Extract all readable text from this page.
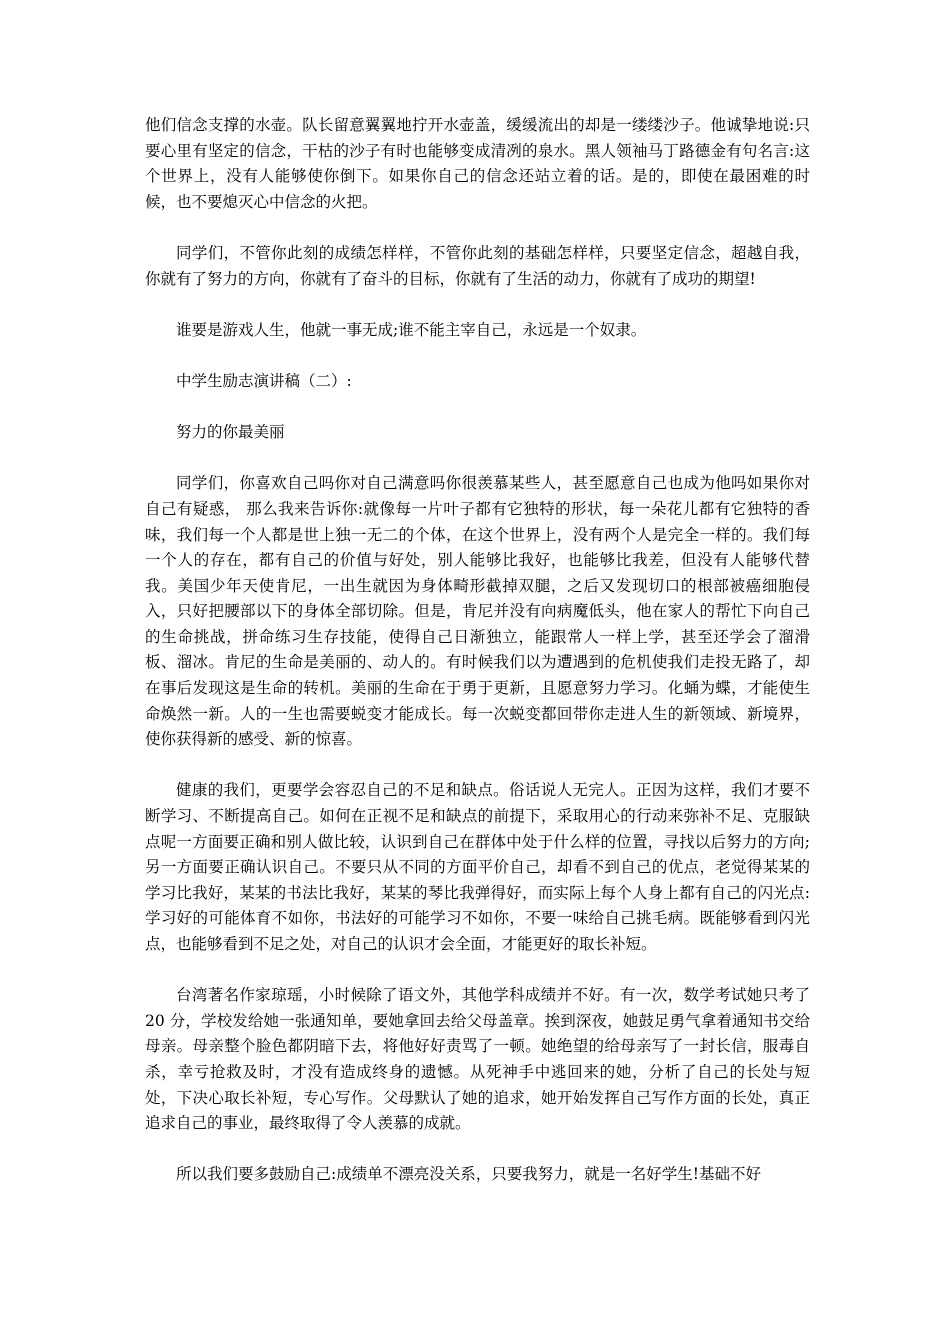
他们信念支撑的水壶。队长留意翼翼地拧开水壶盖，缓缓流出的却是一缕缕沙子。他诚挚地说:只要心里有坚定的信念，干枯的沙子有时也能够变成清冽的泉水。黑人领袖马丁路德金有句名言:这个世界上，没有人能够使你倒下。如果你自己的信念还站立着的话。是的，即使在最困难的时候，也不要熄灭心中信念的火把。

同学们，不管你此刻的成绩怎样样，不管你此刻的基础怎样样，只要坚定信念，超越自我，你就有了努力的方向，你就有了奋斗的目标，你就有了生活的动力，你就有了成功的期望!

谁要是游戏人生，他就一事无成;谁不能主宰自己，永远是一个奴隶。

中学生励志演讲稿（二）:

努力的你最美丽

同学们，你喜欢自己吗你对自己满意吗你很羡慕某些人，甚至愿意自己也成为他吗如果你对自己有疑惑， 那么我来告诉你:就像每一片叶子都有它独特的形状，每一朵花儿都有它独特的香味，我们每一个人都是世上独一无二的个体，在这个世界上，没有两个人是完全一样的。我们每一个人的存在，都有自己的价值与好处，别人能够比我好，也能够比我差，但没有人能够代替我。美国少年天使肯尼，一出生就因为身体畸形截掉双腿，之后又发现切口的根部被癌细胞侵入，只好把腰部以下的身体全部切除。但是，肯尼并没有向病魔低头，他在家人的帮忙下向自己的生命挑战，拼命练习生存技能，使得自己日渐独立，能跟常人一样上学，甚至还学会了溜滑板、溜冰。肯尼的生命是美丽的、动人的。有时候我们以为遭遇到的危机使我们走投无路了，却在事后发现这是生命的转机。美丽的生命在于勇于更新，且愿意努力学习。化蛹为蝶，才能使生命焕然一新。人的一生也需要蜕变才能成长。每一次蜕变都回带你走进人生的新领域、新境界，使你获得新的感受、新的惊喜。

健康的我们，更要学会容忍自己的不足和缺点。俗话说人无完人。正因为这样，我们才要不断学习、不断提高自己。如何在正视不足和缺点的前提下，采取用心的行动来弥补不足、克服缺点呢一方面要正确和别人做比较，认识到自己在群体中处于什么样的位置，寻找以后努力的方向;另一方面要正确认识自己。不要只从不同的方面平价自己，却看不到自己的优点，老觉得某某的学习比我好，某某的书法比我好，某某的琴比我弹得好，而实际上每个人身上都有自己的闪光点:学习好的可能体育不如你，书法好的可能学习不如你，不要一味给自己挑毛病。既能够看到闪光点，也能够看到不足之处，对自己的认识才会全面，才能更好的取长补短。

台湾著名作家琼瑶，小时候除了语文外，其他学科成绩并不好。有一次，数学考试她只考了 20 分，学校发给她一张通知单，要她拿回去给父母盖章。挨到深夜，她鼓足勇气拿着通知书交给母亲。母亲整个脸色都阴暗下去，将他好好责骂了一顿。她绝望的给母亲写了一封长信，服毒自杀，幸亏抢救及时，才没有造成终身的遗憾。从死神手中逃回来的她，分析了自己的长处与短处，下决心取长补短，专心写作。父母默认了她的追求，她开始发挥自己写作方面的长处，真正追求自己的事业，最终取得了令人羡慕的成就。

所以我们要多鼓励自己:成绩单不漂亮没关系，只要我努力，就是一名好学生!基础不好
